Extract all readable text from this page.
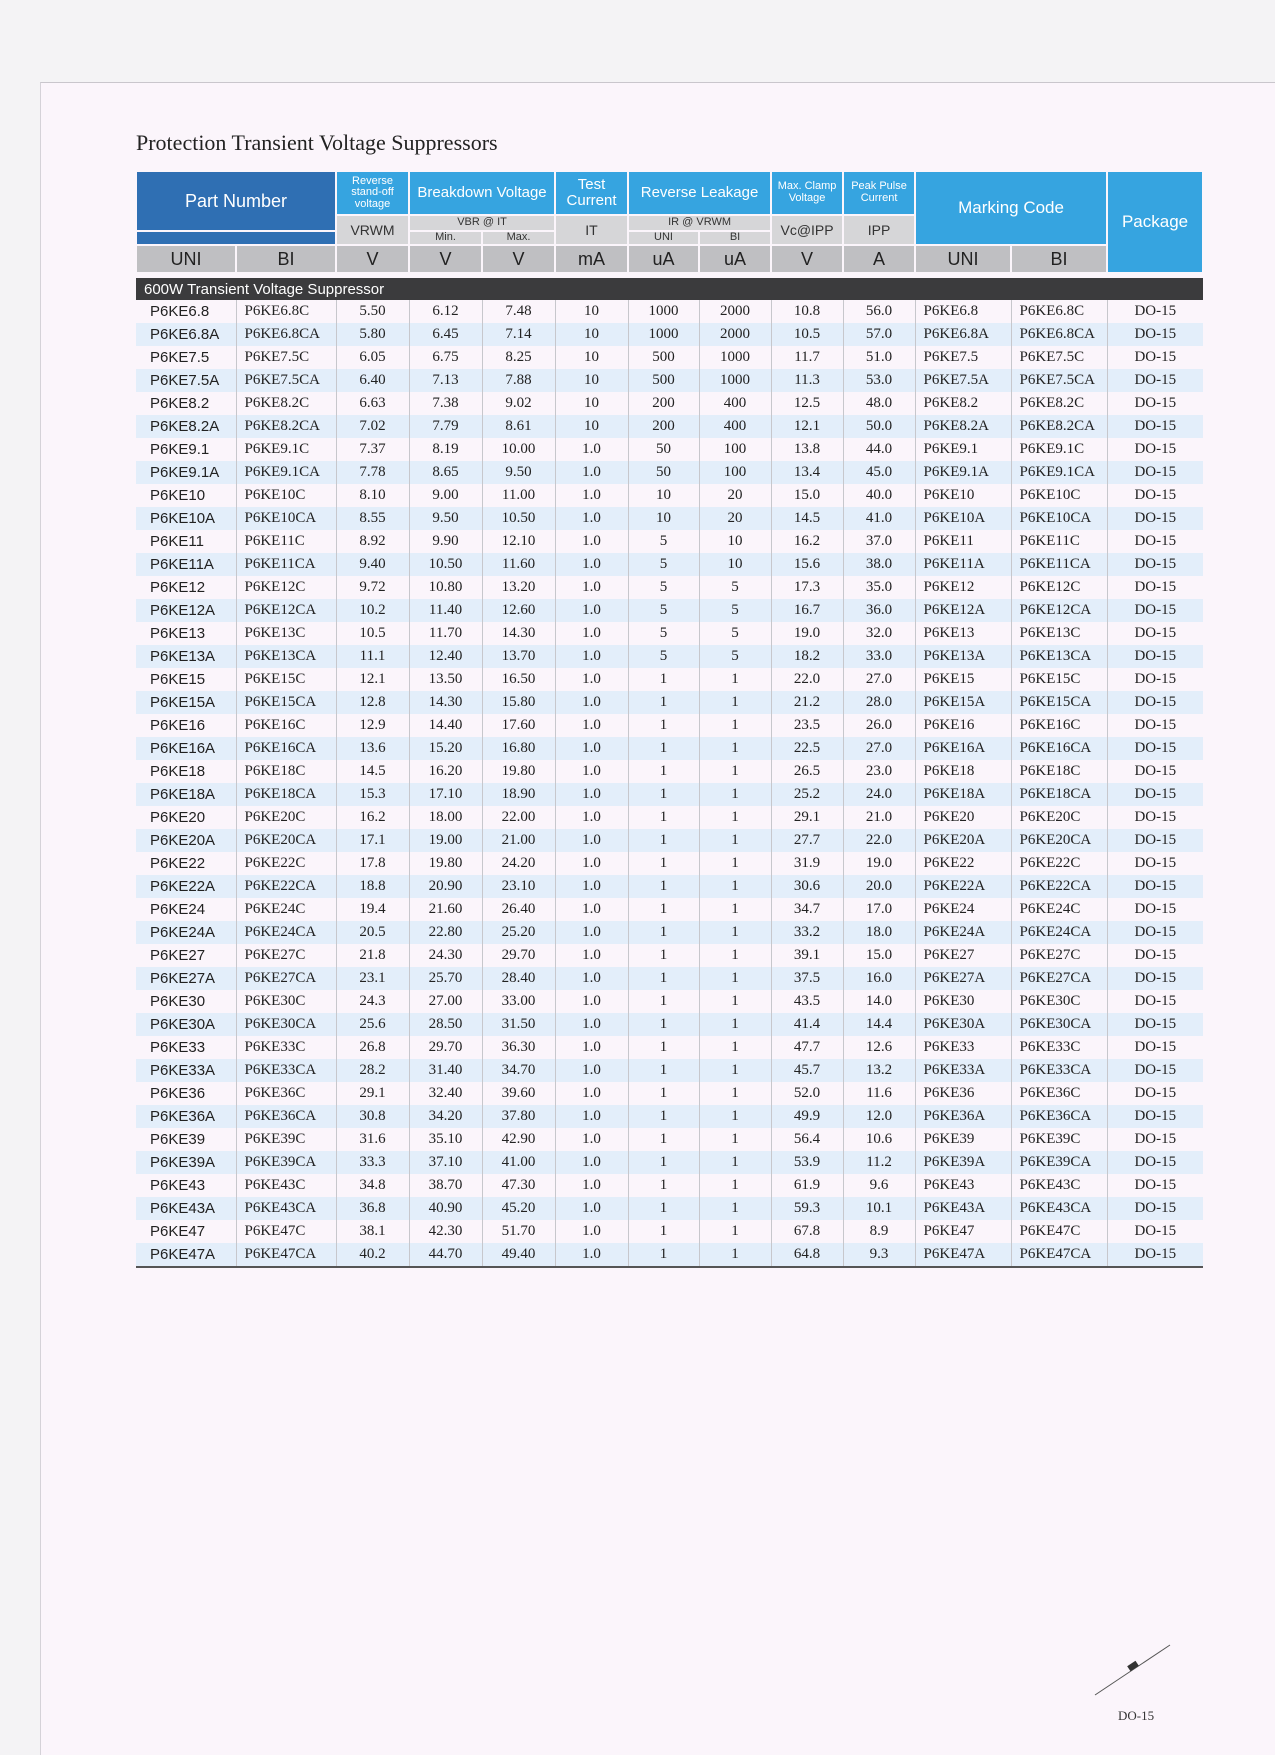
Protection Transient Voltage Suppressors
Part Number		Reverse stand-off voltage	Breakdown Voltage		Test Current	Reverse Leakage		Max. Clamp Voltage	Peak Pulse Current	Marking Code		Package
		VRWM	VBR @ IT		IT	IR @ VRWM		Vc@IPP	IPP			
			Min.	Max.		UNI	BI					
UNI	BI	V	V	V	mA	uA	uA	V	A	UNI	BI	
600W Transient Voltage Suppressor												
P6KE6.8	P6KE6.8C	5.50	6.12	7.48	10	1000	2000	10.8	56.0	P6KE6.8	P6KE6.8C	DO-15
P6KE6.8A	P6KE6.8CA	5.80	6.45	7.14	10	1000	2000	10.5	57.0	P6KE6.8A	P6KE6.8CA	DO-15
P6KE7.5	P6KE7.5C	6.05	6.75	8.25	10	500	1000	11.7	51.0	P6KE7.5	P6KE7.5C	DO-15
P6KE7.5A	P6KE7.5CA	6.40	7.13	7.88	10	500	1000	11.3	53.0	P6KE7.5A	P6KE7.5CA	DO-15
P6KE8.2	P6KE8.2C	6.63	7.38	9.02	10	200	400	12.5	48.0	P6KE8.2	P6KE8.2C	DO-15
P6KE8.2A	P6KE8.2CA	7.02	7.79	8.61	10	200	400	12.1	50.0	P6KE8.2A	P6KE8.2CA	DO-15
P6KE9.1	P6KE9.1C	7.37	8.19	10.00	1.0	50	100	13.8	44.0	P6KE9.1	P6KE9.1C	DO-15
P6KE9.1A	P6KE9.1CA	7.78	8.65	9.50	1.0	50	100	13.4	45.0	P6KE9.1A	P6KE9.1CA	DO-15
P6KE10	P6KE10C	8.10	9.00	11.00	1.0	10	20	15.0	40.0	P6KE10	P6KE10C	DO-15
P6KE10A	P6KE10CA	8.55	9.50	10.50	1.0	10	20	14.5	41.0	P6KE10A	P6KE10CA	DO-15
P6KE11	P6KE11C	8.92	9.90	12.10	1.0	5	10	16.2	37.0	P6KE11	P6KE11C	DO-15
P6KE11A	P6KE11CA	9.40	10.50	11.60	1.0	5	10	15.6	38.0	P6KE11A	P6KE11CA	DO-15
P6KE12	P6KE12C	9.72	10.80	13.20	1.0	5	5	17.3	35.0	P6KE12	P6KE12C	DO-15
P6KE12A	P6KE12CA	10.2	11.40	12.60	1.0	5	5	16.7	36.0	P6KE12A	P6KE12CA	DO-15
P6KE13	P6KE13C	10.5	11.70	14.30	1.0	5	5	19.0	32.0	P6KE13	P6KE13C	DO-15
P6KE13A	P6KE13CA	11.1	12.40	13.70	1.0	5	5	18.2	33.0	P6KE13A	P6KE13CA	DO-15
P6KE15	P6KE15C	12.1	13.50	16.50	1.0	1	1	22.0	27.0	P6KE15	P6KE15C	DO-15
P6KE15A	P6KE15CA	12.8	14.30	15.80	1.0	1	1	21.2	28.0	P6KE15A	P6KE15CA	DO-15
P6KE16	P6KE16C	12.9	14.40	17.60	1.0	1	1	23.5	26.0	P6KE16	P6KE16C	DO-15
P6KE16A	P6KE16CA	13.6	15.20	16.80	1.0	1	1	22.5	27.0	P6KE16A	P6KE16CA	DO-15
P6KE18	P6KE18C	14.5	16.20	19.80	1.0	1	1	26.5	23.0	P6KE18	P6KE18C	DO-15
P6KE18A	P6KE18CA	15.3	17.10	18.90	1.0	1	1	25.2	24.0	P6KE18A	P6KE18CA	DO-15
P6KE20	P6KE20C	16.2	18.00	22.00	1.0	1	1	29.1	21.0	P6KE20	P6KE20C	DO-15
P6KE20A	P6KE20CA	17.1	19.00	21.00	1.0	1	1	27.7	22.0	P6KE20A	P6KE20CA	DO-15
P6KE22	P6KE22C	17.8	19.80	24.20	1.0	1	1	31.9	19.0	P6KE22	P6KE22C	DO-15
P6KE22A	P6KE22CA	18.8	20.90	23.10	1.0	1	1	30.6	20.0	P6KE22A	P6KE22CA	DO-15
P6KE24	P6KE24C	19.4	21.60	26.40	1.0	1	1	34.7	17.0	P6KE24	P6KE24C	DO-15
P6KE24A	P6KE24CA	20.5	22.80	25.20	1.0	1	1	33.2	18.0	P6KE24A	P6KE24CA	DO-15
P6KE27	P6KE27C	21.8	24.30	29.70	1.0	1	1	39.1	15.0	P6KE27	P6KE27C	DO-15
P6KE27A	P6KE27CA	23.1	25.70	28.40	1.0	1	1	37.5	16.0	P6KE27A	P6KE27CA	DO-15
P6KE30	P6KE30C	24.3	27.00	33.00	1.0	1	1	43.5	14.0	P6KE30	P6KE30C	DO-15
P6KE30A	P6KE30CA	25.6	28.50	31.50	1.0	1	1	41.4	14.4	P6KE30A	P6KE30CA	DO-15
P6KE33	P6KE33C	26.8	29.70	36.30	1.0	1	1	47.7	12.6	P6KE33	P6KE33C	DO-15
P6KE33A	P6KE33CA	28.2	31.40	34.70	1.0	1	1	45.7	13.2	P6KE33A	P6KE33CA	DO-15
P6KE36	P6KE36C	29.1	32.40	39.60	1.0	1	1	52.0	11.6	P6KE36	P6KE36C	DO-15
P6KE36A	P6KE36CA	30.8	34.20	37.80	1.0	1	1	49.9	12.0	P6KE36A	P6KE36CA	DO-15
P6KE39	P6KE39C	31.6	35.10	42.90	1.0	1	1	56.4	10.6	P6KE39	P6KE39C	DO-15
P6KE39A	P6KE39CA	33.3	37.10	41.00	1.0	1	1	53.9	11.2	P6KE39A	P6KE39CA	DO-15
P6KE43	P6KE43C	34.8	38.70	47.30	1.0	1	1	61.9	9.6	P6KE43	P6KE43C	DO-15
P6KE43A	P6KE43CA	36.8	40.90	45.20	1.0	1	1	59.3	10.1	P6KE43A	P6KE43CA	DO-15
P6KE47	P6KE47C	38.1	42.30	51.70	1.0	1	1	67.8	8.9	P6KE47	P6KE47C	DO-15
P6KE47A	P6KE47CA	40.2	44.70	49.40	1.0	1	1	64.8	9.3	P6KE47A	P6KE47CA	DO-15
DO-15
